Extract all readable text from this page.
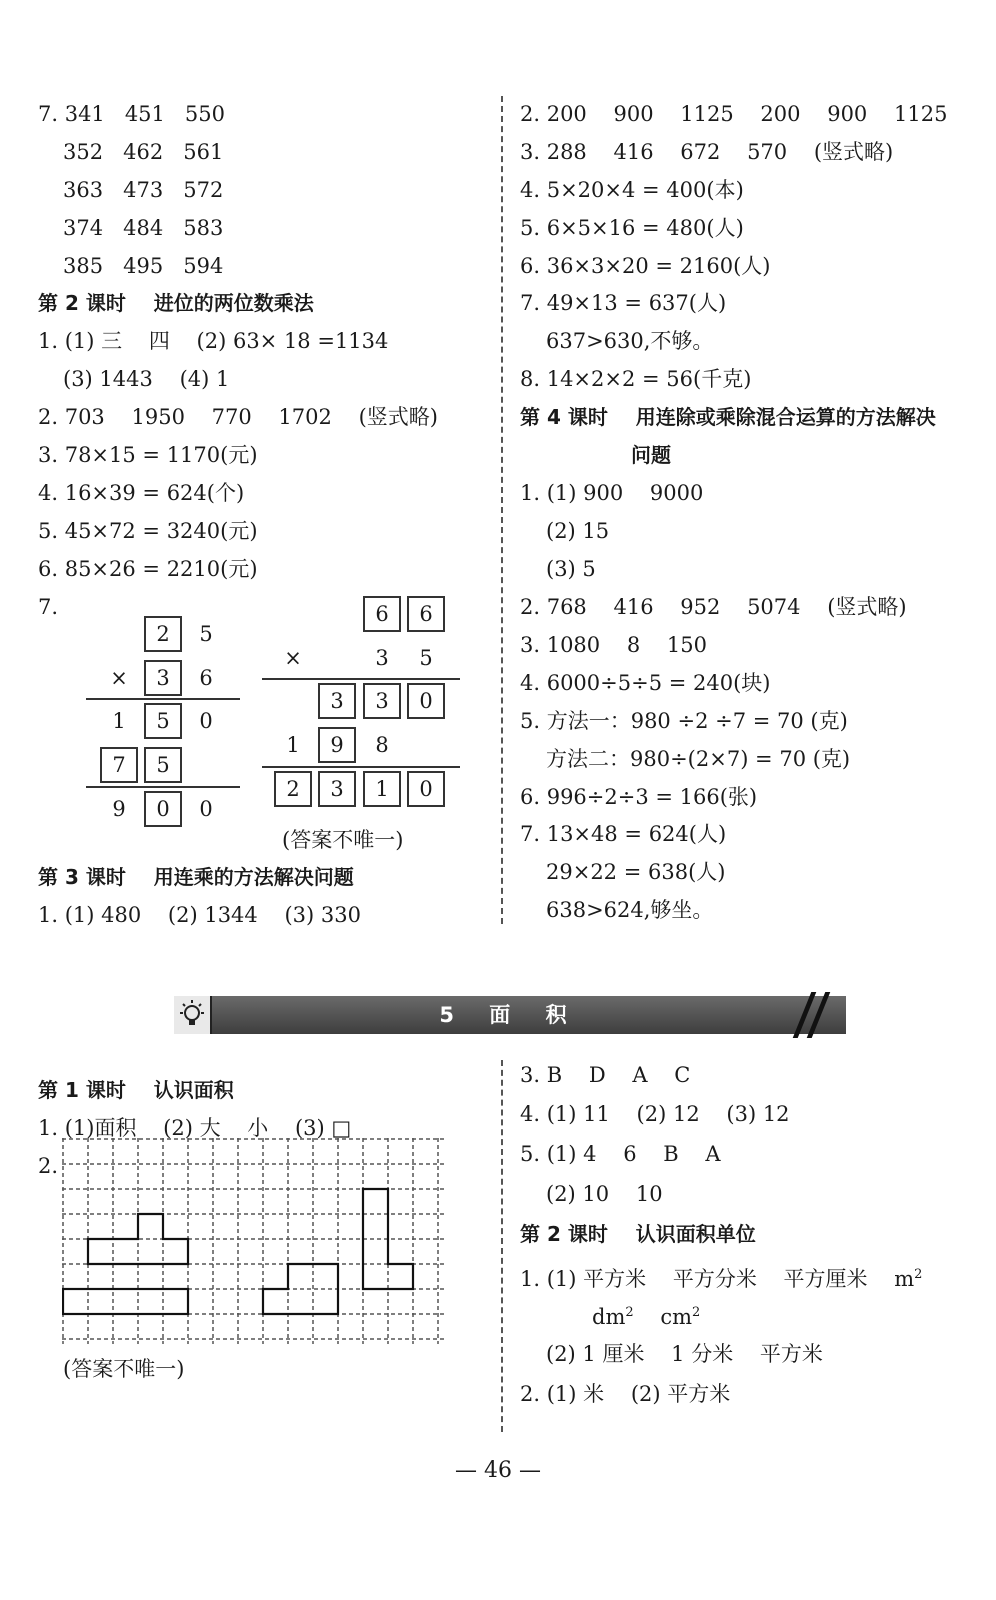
7. 341   451   550
352   462   561
363   473   572
374   484   583
385   495   594
第 2 课时    进位的两位数乘法
1. (1) 三    四    (2) 63× 18 =1134
(3) 1443    (4) 1
2. 703    1950    770    1702    (竖式略)
3. 78×15 = 1170(元)
4. 16×39 = 624(个)
5. 45×72 = 3240(元)
6. 85×26 = 2210(元)
7.
2	5
×	3	6
1	5	0
7	5
9	0	0
6	6
×	3	5
3	3	0
1	9	8
2	3	1	0
(答案不唯一)
第 3 课时    用连乘的方法解决问题
1. (1) 480    (2) 1344    (3) 330
2. 200    900    1125    200    900    1125
3. 288    416    672    570    (竖式略)
4. 5×20×4 = 400(本)
5. 6×5×16 = 480(人)
6. 36×3×20 = 2160(人)
7. 49×13 = 637(人)
637>630,不够。
8. 14×2×2 = 56(千克)
第 4 课时    用连除或乘除混合运算的方法解决
问题
1. (1) 900    9000
(2) 15
(3) 5
2. 768    416    952    5074    (竖式略)
3. 1080    8    150
4. 6000÷5÷5 = 240(块)
5. 方法一：980 ÷2 ÷7 = 70 (克)
方法二：980÷(2×7) = 70 (克)
6. 996÷2÷3 = 166(张)
7. 13×48 = 624(人)
29×22 = 638(人)
638>624,够坐。
5 面 积
第 1 课时    认识面积
1. (1)面积    (2) 大    小    (3) □
2.
(答案不唯一)
3. B    D    A    C
4. (1) 11    (2) 12    (3) 12
5. (1) 4    6    B    A
(2) 10    10
第 2 课时    认识面积单位
1. (1) 平方米    平方分米    平方厘米    $m^2$
$dm^2$ $cm^2$
(2) 1 厘米    1 分米    平方米
2. (1) 米    (2) 平方米
— 46 —
